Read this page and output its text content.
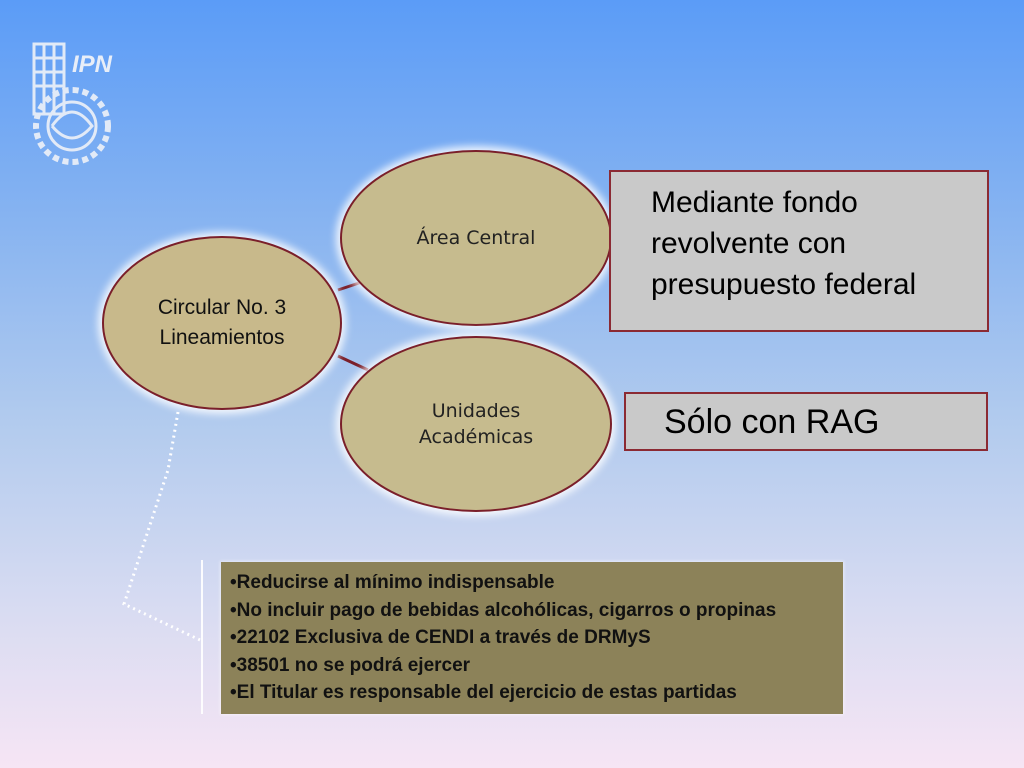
IPN
Circular No. 3
Lineamientos
Área Central
Unidades
Académicas
Mediante fondo
revolvente con
presupuesto federal
Sólo con RAG
• Reducirse al mínimo indispensable
• No incluir pago de bebidas alcohólicas, cigarros o propinas
• 22102 Exclusiva de CENDI a través de DRMyS
• 38501 no se podrá ejercer
• El Titular es responsable del ejercicio de estas partidas
